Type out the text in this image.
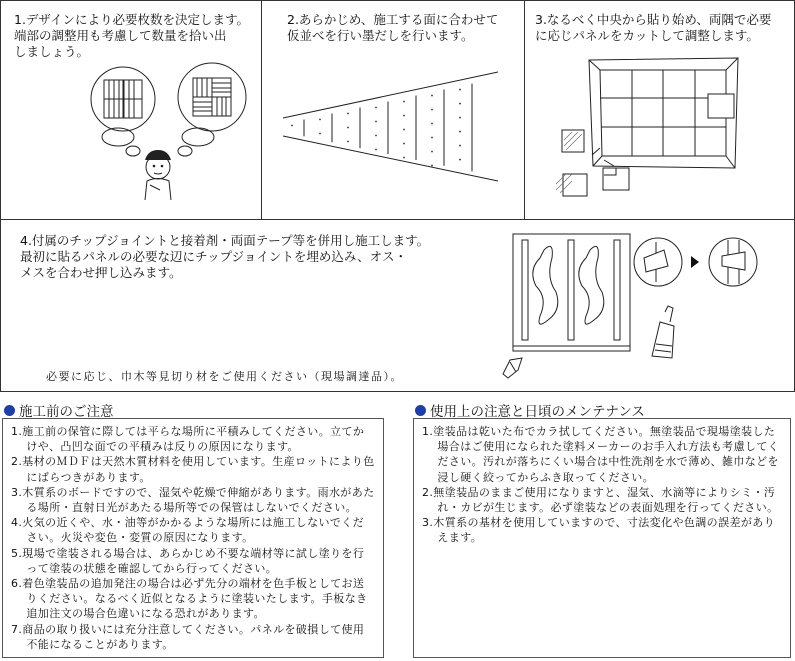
1.デザインにより必要枚数を決定します。
端部の調整用も考慮して数量を拾い出
しましょう。
2.あらかじめ、施工する面に合わせて
仮並べを行い墨だしを行います。
3.なるべく中央から貼り始め、両隅で必要
に応じパネルをカットして調整します。
4.付属のチップジョイントと接着剤・両面テープ等を併用し施工します。
最初に貼るパネルの必要な辺にチップジョイントを埋め込み、オス・
メスを合わせ押し込みます。
必要に応じ、巾木等見切り材をご使用ください（現場調達品）。
施工前のご注意

1.施工前の保管に際しては平らな場所に平積みしてください。立てかけや、凸凹な面での平積みは反りの原因になります。

2.基材のＭＤＦは天然木質材料を使用しています。生産ロットにより色にばらつきがあります。

3.木質系のボードですので、湿気や乾燥で伸縮があります。雨水があたる場所・直射日光があたる場所等での保管はしないでください。

4.火気の近くや、水・油等がかかるような場所には施工しないでください。火災や変色・変質の原因になります。

5.現場で塗装される場合は、あらかじめ不要な端材等に試し塗りを行って塗装の状態を確認してから行ってください。

6.着色塗装品の追加発注の場合は必ず先分の端材を色手板としてお送りください。なるべく近似となるように塗装いたします。手板なき追加注文の場合色違いになる恐れがあります。

7.商品の取り扱いには充分注意してください。パネルを破損して使用不能になることがあります。

使用上の注意と日頃のメンテナンス

1.塗装品は乾いた布でカラ拭してください。無塗装品で現場塗装した場合はご使用になられた塗料メーカーのお手入れ方法も考慮してください。汚れが落ちにくい場合は中性洗剤を水で薄め、雑巾などを浸し硬く絞ってからふき取ってください。

2.無塗装品のままご使用になりますと、湿気、水滴等によりシミ・汚れ・カビが生じます。必ず塗装などの表面処理を行ってください。

3.木質系の基材を使用していますので、寸法変化や色調の誤差がありえます。
